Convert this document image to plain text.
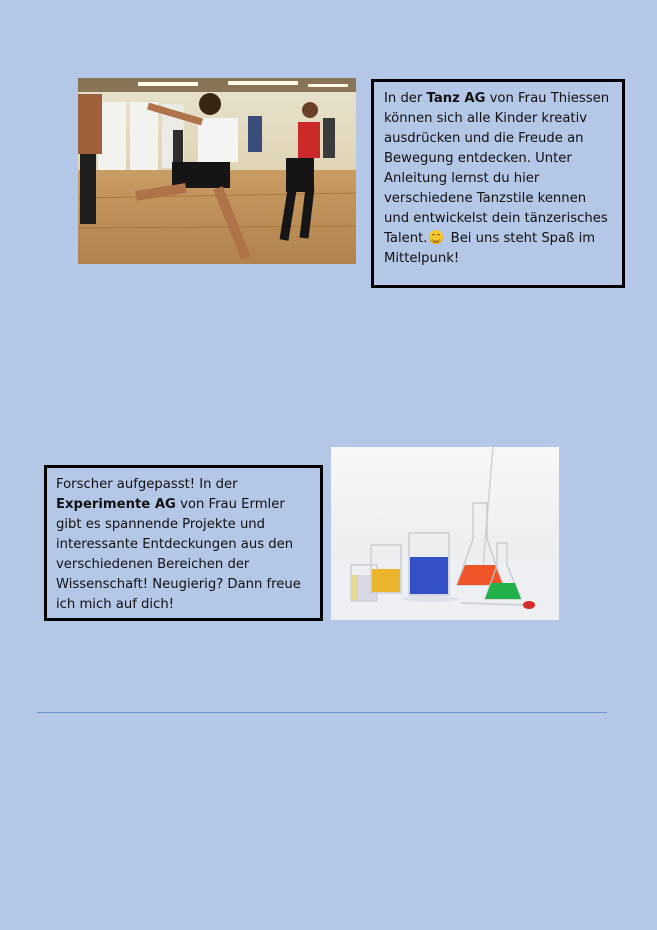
In der Tanz AG von Frau Thiessen können sich alle Kinder kreativ ausdrücken und die Freude an Bewegung entdecken. Unter Anleitung lernst du hier verschiedene Tanzstile kennen und entwickelst dein tänzerisches Talent.
Bei uns steht Spaß im Mittelpunk!
Forscher aufgepasst! In der Experimente AG von Frau Ermler gibt es spannende Projekte und interessante Entdeckungen aus den verschiedenen Bereichen der Wissenschaft! Neugierig? Dann freue ich mich auf dich!
